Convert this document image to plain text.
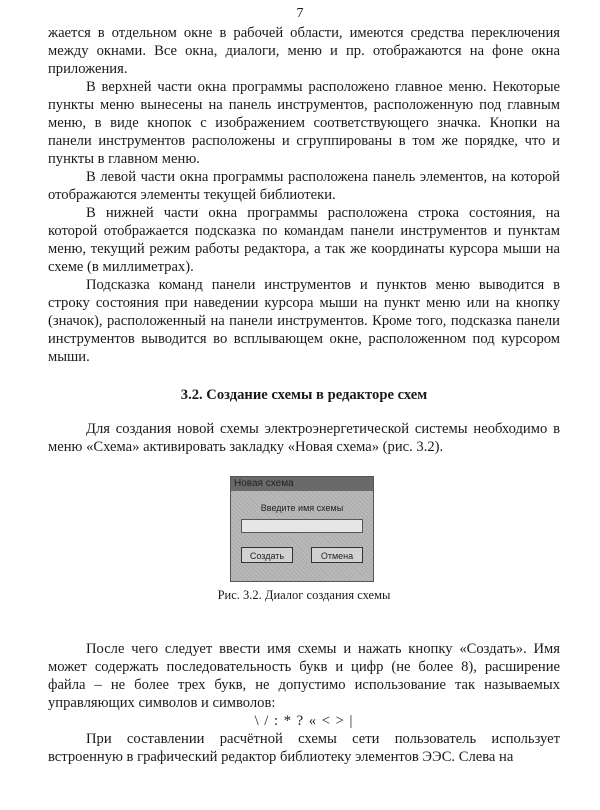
7

жается в отдельном окне в рабочей области, имеются средства переключения между окнами. Все окна, диалоги, меню и пр. отображаются на фоне окна приложения.

В верхней части окна программы расположено главное меню. Некоторые пункты меню вынесены на панель инструментов, расположенную под главным меню, в виде кнопок с изображением соответствующего значка. Кнопки на панели инструментов расположены и сгруппированы в том же порядке, что и пункты в главном меню.

В левой части окна программы расположена панель элементов, на которой отображаются элементы текущей библиотеки.

В нижней части окна программы расположена строка состояния, на которой отображается подсказка по командам панели инструментов и пунктам меню, текущий режим работы редактора, а так же координаты курсора мыши на схеме (в миллиметрах).

Подсказка команд панели инструментов и пунктов меню выводится в строку состояния при наведении курсора мыши на пункт меню или на кнопку (значок), расположенный на панели инструментов. Кроме того, подсказка панели инструментов выводится во всплывающем окне, расположенном под курсором мыши.

3.2. Создание схемы в редакторе схем

Для создания новой схемы электроэнергетической системы необходимо в меню «Схема» активировать закладку «Новая схема» (рис. 3.2).

Новая схема
Введите имя схемы
Создать	Отмена

Рис. 3.2. Диалог создания схемы

После чего следует ввести имя схемы и нажать кнопку «Создать». Имя может содержать последовательность букв и цифр (не более 8), расширение файла – не более трех букв, не допустимо использование так называемых управляющих символов и символов:

\ / : * ? « < > |

При составлении расчётной схемы сети пользователь использует встроенную в графический редактор библиотеку элементов ЭЭС. Слева на
